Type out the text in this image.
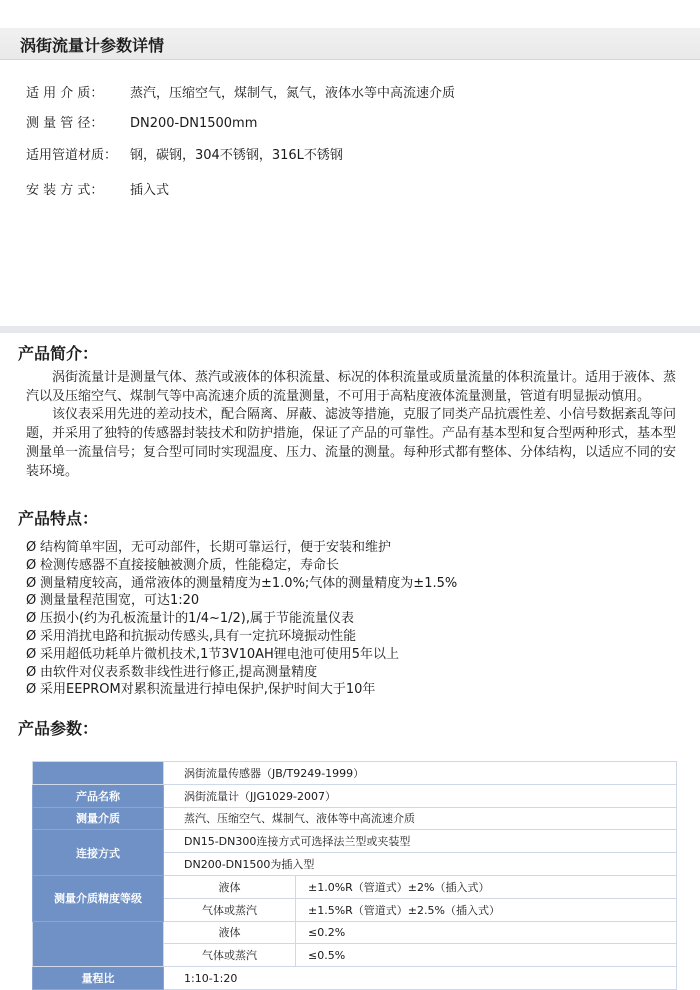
涡街流量计参数详情
适 用 介 质： 蒸汽，压缩空气，煤制气，氮气，液体水等中高流速介质
测 量 管 径： DN200-DN1500mm
适用管道材质： 钢，碳钢，304不锈钢，316L不锈钢
安 装 方 式： 插入式
产品简介：

涡街流量计是测量气体、蒸汽或液体的体积流量、标况的体积流量或质量流量的体积流量计。适用于液体、蒸汽以及压缩空气、煤制气等中高流速介质的流量测量，不可用于高粘度液体流量测量，管道有明显振动慎用。

该仪表采用先进的差动技术，配合隔离、屏蔽、滤波等措施，克服了同类产品抗震性差、小信号数据紊乱等问题，并采用了独特的传感器封装技术和防护措施，保证了产品的可靠性。产品有基本型和复合型两种形式，基本型测量单一流量信号；复合型可同时实现温度、压力、流量的测量。每种形式都有整体、分体结构，以适应不同的安装环境。

产品特点：
Ø 结构简单牢固，无可动部件，长期可靠运行，便于安装和维护
Ø 检测传感器不直接接触被测介质，性能稳定，寿命长
Ø 测量精度较高，通常液体的测量精度为±1.0%;气体的测量精度为±1.5%
Ø 测量量程范围宽，可达1:20
Ø 压损小(约为孔板流量计的1/4~1/2),属于节能流量仪表
Ø 采用消扰电路和抗振动传感头,具有一定抗环境振动性能
Ø 采用超低功耗单片微机技术,1节3V10AH锂电池可使用5年以上
Ø 由软件对仪表系数非线性进行修正,提高测量精度
Ø 采用EEPROM对累积流量进行掉电保护,保护时间大于10年
产品参数：
	涡街流量传感器（JB/T9249-1999）	
产品名称	涡街流量计（JJG1029-2007）	
测量介质	蒸汽、压缩空气、煤制气、液体等中高流速介质	
连接方式	DN15-DN300连接方式可选择法兰型或夹装型	
	DN200-DN1500为插入型	
测量介质精度等级	液体	±1.0%R（管道式）±2%（插入式）
	气体或蒸汽	±1.5%R（管道式）±2.5%（插入式）
	液体	≤0.2%
	气体或蒸汽	≤0.5%
量程比	1:10-1:20	
